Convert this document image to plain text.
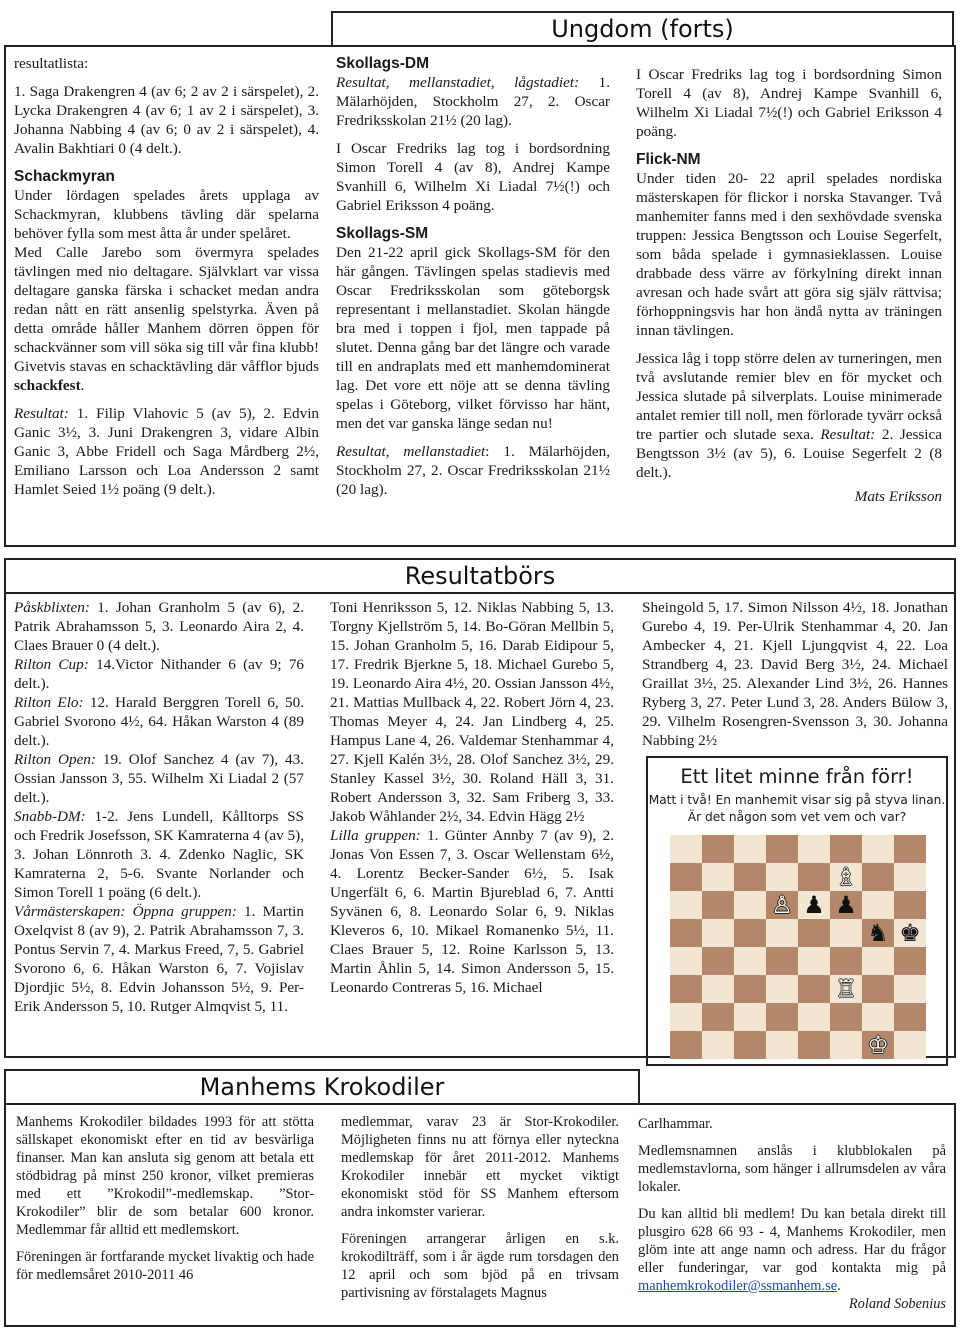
Ungdom (forts)

resultatlista:

1. Saga Drakengren 4 (av 6; 2 av 2 i särspelet), 2. Lycka Drakengren 4 (av 6; 1 av 2 i särspelet), 3. Johanna Nabbing 4 (av 6; 0 av 2 i särspelet), 4. Avalin Bakhtiari 0 (4 delt.).

Schackmyran

Under lördagen spelades årets upplaga av Schackmyran, klubbens tävling där spelarna behöver fylla som mest åtta år under spelåret.

Med Calle Jarebo som övermyra spelades tävlingen med nio deltagare. Självklart var vissa deltagare ganska färska i schacket medan andra redan nått en rätt ansenlig spelstyrka. Även på detta område håller Manhem dörren öppen för schackvänner som vill söka sig till vår fina klubb! Givetvis stavas en schacktävling där våfflor bjuds schackfest.

Resultat: 1. Filip Vlahovic 5 (av 5), 2. Edvin Ganic 3½, 3. Juni Drakengren 3, vidare Albin Ganic 3, Abbe Fridell och Saga Mårdberg 2½, Emiliano Larsson och Loa Andersson 2 samt Hamlet Seied 1½ poäng (9 delt.).

Skollags-DM

Resultat, mellanstadiet, lågstadiet: 1. Mälarhöjden, Stockholm 27, 2. Oscar Fredriksskolan 21½ (20 lag).

I Oscar Fredriks lag tog i bordsordning Simon Torell 4 (av 8), Andrej Kampe Svanhill 6, Wilhelm Xi Liadal 7½(!) och Gabriel Eriksson 4 poäng.

Skollags-SM

Den 21-22 april gick Skollags-SM för den här gången. Tävlingen spelas stadievis med Oscar Fredriksskolan som göteborgsk representant i mellanstadiet. Skolan hängde bra med i toppen i fjol, men tappade på slutet. Denna gång bar det längre och varade till en andraplats med ett manhemdominerat lag. Det vore ett nöje att se denna tävling spelas i Göteborg, vilket förvisso har hänt, men det var ganska länge sedan nu!

Resultat, mellanstadiet: 1. Mälarhöjden, Stockholm 27, 2. Oscar Fredriksskolan 21½ (20 lag).

I Oscar Fredriks lag tog i bordsordning Simon Torell 4 (av 8), Andrej Kampe Svanhill 6, Wilhelm Xi Liadal 7½(!) och Gabriel Eriksson 4 poäng.

Flick-NM

Under tiden 20- 22 april spelades nordiska mästerskapen för flickor i norska Stavanger. Två manhemiter fanns med i den sexhövdade svenska truppen: Jessica Bengtsson och Louise Segerfelt, som båda spelade i gymnasieklassen. Louise drabbade dess värre av förkylning direkt innan avresan och hade svårt att göra sig själv rättvisa; förhoppningsvis har hon ändå nytta av träningen innan tävlingen.

Jessica låg i topp större delen av turneringen, men två avslutande remier blev en för mycket och Jessica slutade på silverplats. Louise minimerade antalet remier till noll, men förlorade tyvärr också tre partier och slutade sexa. Resultat: 2. Jessica Bengtsson 3½ (av 5), 6. Louise Segerfelt 2 (8 delt.).

Mats Eriksson

Resultatbörs

Påskblixten: 1. Johan Granholm 5 (av 6), 2. Patrik Abrahamsson 5, 3. Leonardo Aira 2, 4. Claes Brauer 0 (4 delt.).

Rilton Cup: 14.Victor Nithander 6 (av 9; 76 delt.).

Rilton Elo: 12. Harald Berggren Torell 6, 50. Gabriel Svorono 4½, 64. Håkan Warston 4 (89 delt.).

Rilton Open: 19. Olof Sanchez 4 (av 7), 43. Ossian Jansson 3, 55. Wilhelm Xi Liadal 2 (57 delt.).

Snabb-DM: 1-2. Jens Lundell, Kålltorps SS och Fredrik Josefsson, SK Kamraterna 4 (av 5), 3. Johan Lönnroth 3. 4. Zdenko Naglic, SK Kamraterna 2, 5-6. Svante Norlander och Simon Torell 1 poäng (6 delt.).

Vårmästerskapen: Öppna gruppen: 1. Martin Oxelqvist 8 (av 9), 2. Patrik Abrahamsson 7, 3. Pontus Servin 7, 4. Markus Freed, 7, 5. Gabriel Svorono 6, 6. Håkan Warston 6, 7. Vojislav Djordjic 5½, 8. Edvin Johansson 5½, 9. Per-Erik Andersson 5, 10. Rutger Almqvist 5, 11.

Toni Henriksson 5, 12. Niklas Nabbing 5, 13. Torgny Kjellström 5, 14. Bo-Göran Mellbin 5, 15. Johan Granholm 5, 16. Darab Eidipour 5, 17. Fredrik Bjerkne 5, 18. Michael Gurebo 5, 19. Leonardo Aira 4½, 20. Ossian Jansson 4½, 21. Mattias Mullback 4, 22. Robert Jörn 4, 23. Thomas Meyer 4, 24. Jan Lindberg 4, 25. Hampus Lane 4, 26. Valdemar Stenhammar 4, 27. Kjell Kalén 3½, 28. Olof Sanchez 3½, 29. Stanley Kassel 3½, 30. Roland Häll 3, 31. Robert Andersson 3, 32. Sam Friberg 3, 33. Jakob Wåhlander 2½, 34. Edvin Hägg 2½

Lilla gruppen: 1. Günter Annby 7 (av 9), 2. Jonas Von Essen 7, 3. Oscar Wellenstam 6½, 4. Lorentz Becker-Sander 6½, 5. Isak Ungerfält 6, 6. Martin Bjureblad 6, 7. Antti Syvänen 6, 8. Leonardo Solar 6, 9. Niklas Kleveros 6, 10. Mikael Romanenko 5½, 11. Claes Brauer 5, 12. Roine Karlsson 5, 13. Martin Åhlin 5, 14. Simon Andersson 5, 15. Leonardo Contreras 5, 16. Michael

Sheingold 5, 17. Simon Nilsson 4½, 18. Jonathan Gurebo 4, 19. Per-Ulrik Stenhammar 4, 20. Jan Ambecker 4, 21. Kjell Ljungqvist 4, 22. Loa Strandberg 4, 23. David Berg 3½, 24. Michael Graillat 3½, 25. Alexander Lind 3½, 26. Hannes Ryberg 3, 27. Peter Lund 3, 28. Anders Bülow 3, 29. Vilhelm Rosengren-Svensson 3, 30. Johanna Nabbing 2½

Ett litet minne från förr!
Matt i två! En manhemit visar sig på styva linan. Är det någon som vet vem och var?
♗
♙ ♟ ♟
♞ ♚
♖
♔
Manhems Krokodiler

Manhems Krokodiler bildades 1993 för att stötta sällskapet ekonomiskt efter en tid av besvärliga finanser. Man kan ansluta sig genom att betala ett stödbidrag på minst 250 kronor, vilket premieras med ett ”Krokodil”-medlemskap. ”Stor-Krokodiler” blir de som betalar 600 kronor. Medlemmar får alltid ett medlemskort.

Föreningen är fortfarande mycket livaktig och hade för medlemsåret 2010-2011 46

medlemmar, varav 23 är Stor-Krokodiler. Möjligheten finns nu att förnya eller nyteckna medlemskap för året 2011-2012. Manhems Krokodiler innebär ett mycket viktigt ekonomiskt stöd för SS Manhem eftersom andra inkomster varierar.

Föreningen arrangerar årligen en s.k. krokodilträff, som i år ägde rum torsdagen den 12 april och som bjöd på en trivsam partivisning av förstalagets Magnus

Carlhammar.

Medlemsnamnen anslås i klubblokalen på medlemstavlorna, som hänger i allrumsdelen av våra lokaler.

Du kan alltid bli medlem! Du kan betala direkt till plusgiro 628 66 93 - 4, Manhems Krokodiler, men glöm inte att ange namn och adress. Har du frågor eller funderingar, var god kontakta mig på manhemkrokodiler@ssmanhem.se.

Roland Sobenius
